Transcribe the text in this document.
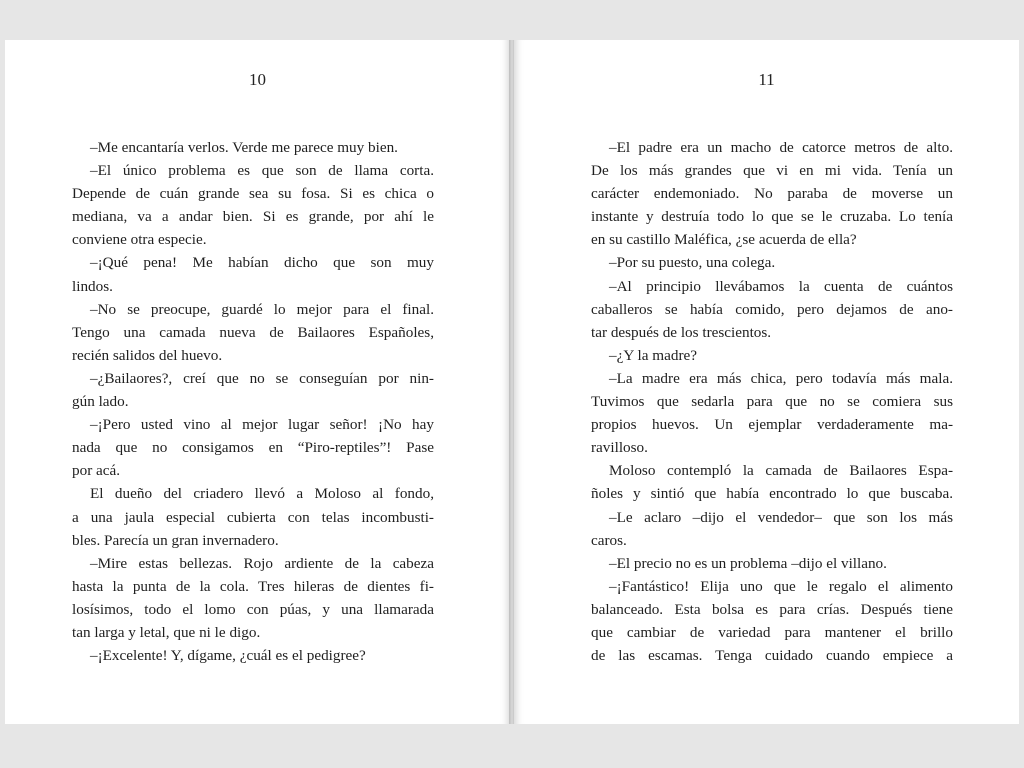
10
–Me encantaría verlos. Verde me parece muy bien.
–El único problema es que son de llama corta.
Depende de cuán grande sea su fosa. Si es chica o
mediana, va a andar bien. Si es grande, por ahí le
conviene otra especie.
–¡Qué pena! Me habían dicho que son muy
lindos.
–No se preocupe, guardé lo mejor para el final.
Tengo una camada nueva de Bailaores Españoles,
recién salidos del huevo.
–¿Bailaores?, creí que no se conseguían por nin-
gún lado.
–¡Pero usted vino al mejor lugar señor! ¡No hay
nada que no consigamos en “Piro-reptiles”! Pase
por acá.
El dueño del criadero llevó a Moloso al fondo,
a una jaula especial cubierta con telas incombusti-
bles. Parecía un gran invernadero.
–Mire estas bellezas. Rojo ardiente de la cabeza
hasta la punta de la cola. Tres hileras de dientes fi-
losísimos, todo el lomo con púas, y una llamarada
tan larga y letal, que ni le digo.
–¡Excelente! Y, dígame, ¿cuál es el pedigree?
11
–El padre era un macho de catorce metros de alto.
De los más grandes que vi en mi vida. Tenía un
carácter endemoniado. No paraba de moverse un
instante y destruía todo lo que se le cruzaba. Lo tenía
en su castillo Maléfica, ¿se acuerda de ella?
–Por su puesto, una colega.
–Al principio llevábamos la cuenta de cuántos
caballeros se había comido, pero dejamos de ano-
tar después de los trescientos.
–¿Y la madre?
–La madre era más chica, pero todavía más mala.
Tuvimos que sedarla para que no se comiera sus
propios huevos. Un ejemplar verdaderamente ma-
ravilloso.
Moloso contempló la camada de Bailaores Espa-
ñoles y sintió que había encontrado lo que buscaba.
–Le aclaro –dijo el vendedor– que son los más
caros.
–El precio no es un problema –dijo el villano.
–¡Fantástico! Elija uno que le regalo el alimento
balanceado. Esta bolsa es para crías. Después tiene
que cambiar de variedad para mantener el brillo
de las escamas. Tenga cuidado cuando empiece a
